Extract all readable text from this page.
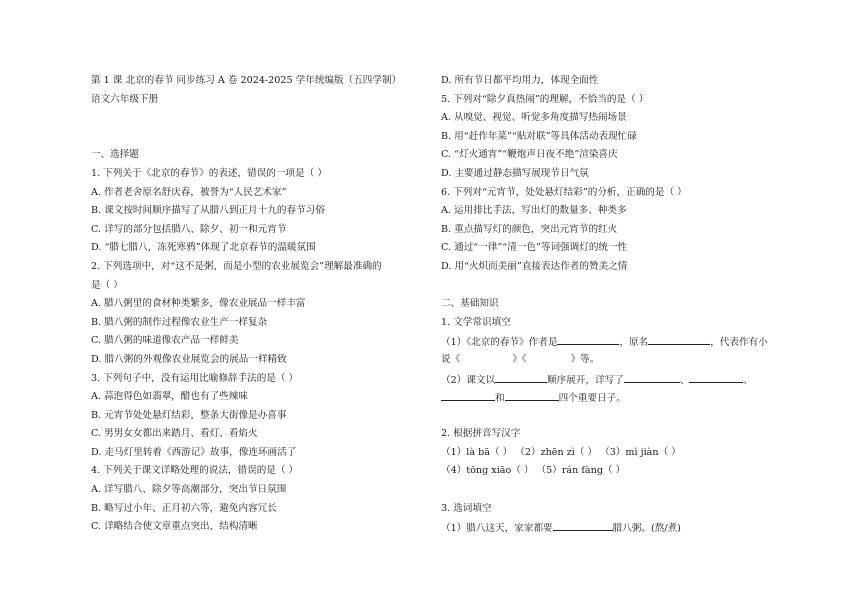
第 1 课 北京的春节 同步练习 A 卷 2024-2025 学年统编版（五四学制）
语文六年级下册
一、选择题
1. 下列关于《北京的春节》的表述，错误的一项是（ ）
A. 作者老舍原名舒庆春，被誉为“人民艺术家”
B. 课文按时间顺序描写了从腊八到正月十九的春节习俗
C. 详写的部分包括腊八、除夕、初一和元宵节
D. “腊七腊八，冻死寒鸦”体现了北京春节的温暖氛围
2. 下列选项中，对“这不是粥，而是小型的农业展览会”理解最准确的
是（ ）
A. 腊八粥里的食材种类繁多，像农业展品一样丰富
B. 腊八粥的制作过程像农业生产一样复杂
C. 腊八粥的味道像农产品一样鲜美
D. 腊八粥的外观像农业展览会的展品一样精致
3. 下列句子中，没有运用比喻修辞手法的是（ ）
A. 蒜泡得色如翡翠，醋也有了些辣味
B. 元宵节处处悬灯结彩，整条大街像是办喜事
C. 男男女女都出来踏月、看灯、看焰火
D. 走马灯里转着《西游记》故事，像连环画活了
4. 下列关于课文详略处理的说法，错误的是（ ）
A. 详写腊八、除夕等高潮部分，突出节日氛围
B. 略写过小年、正月初六等，避免内容冗长
C. 详略结合使文章重点突出，结构清晰
D. 所有节日都平均用力，体现全面性
5. 下列对“除夕真热闹”的理解，不恰当的是（ ）
A. 从嗅觉、视觉、听觉多角度描写热闹场景
B. 用“赶作年菜”“贴对联”等具体活动表现忙碌
C. “灯火通宵”“鞭炮声日夜不绝”渲染喜庆
D. 主要通过静态描写展现节日气氛
6. 下列对“元宵节，处处悬灯结彩”的分析，正确的是（ ）
A. 运用排比手法，写出灯的数量多、种类多
B. 重点描写灯的颜色，突出元宵节的红火
C. 通过“一律”“清一色”等词强调灯的统一性
D. 用“火炽而美丽”直接表达作者的赞美之情
二、基础知识
1. 文学常识填空
（1）《北京的春节》作者是	，原名	，代表作有小
说《	》《	》等。
（2）课文以	顺序展开，详写了	、	、
和	四个重要日子。
2. 根据拼音写汉字
（1）là bā（ ） （2）zhēn zì（ ） （3）mì jiàn（ ）
（4）tōng xiāo（ ） （5）rán fàng（ ）
3. 选词填空
（1）腊八这天，家家都要	腊八粥。(熬/煮)
